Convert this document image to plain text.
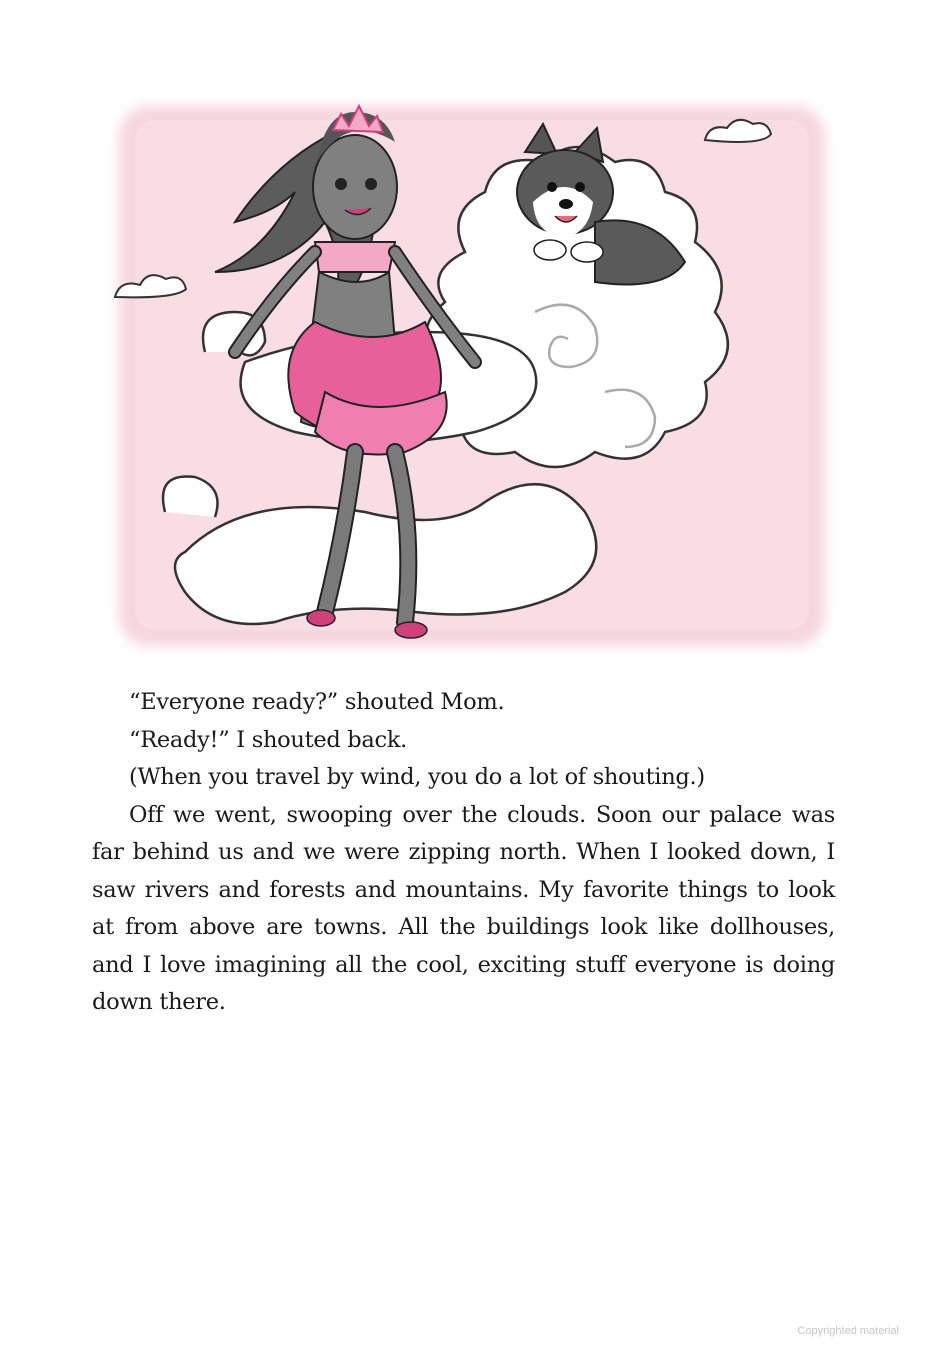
“Everyone ready?” shouted Mom.

“Ready!” I shouted back.

(When you travel by wind, you do a lot of shouting.)

Off we went, swooping over the clouds. Soon our palace was far behind us and we were zipping north. When I looked down, I saw rivers and forests and mountains. My favorite things to look at from above are towns. All the buildings look like dollhouses, and I love imagining all the cool, exciting stuff everyone is doing down there.

Copyrighted material
